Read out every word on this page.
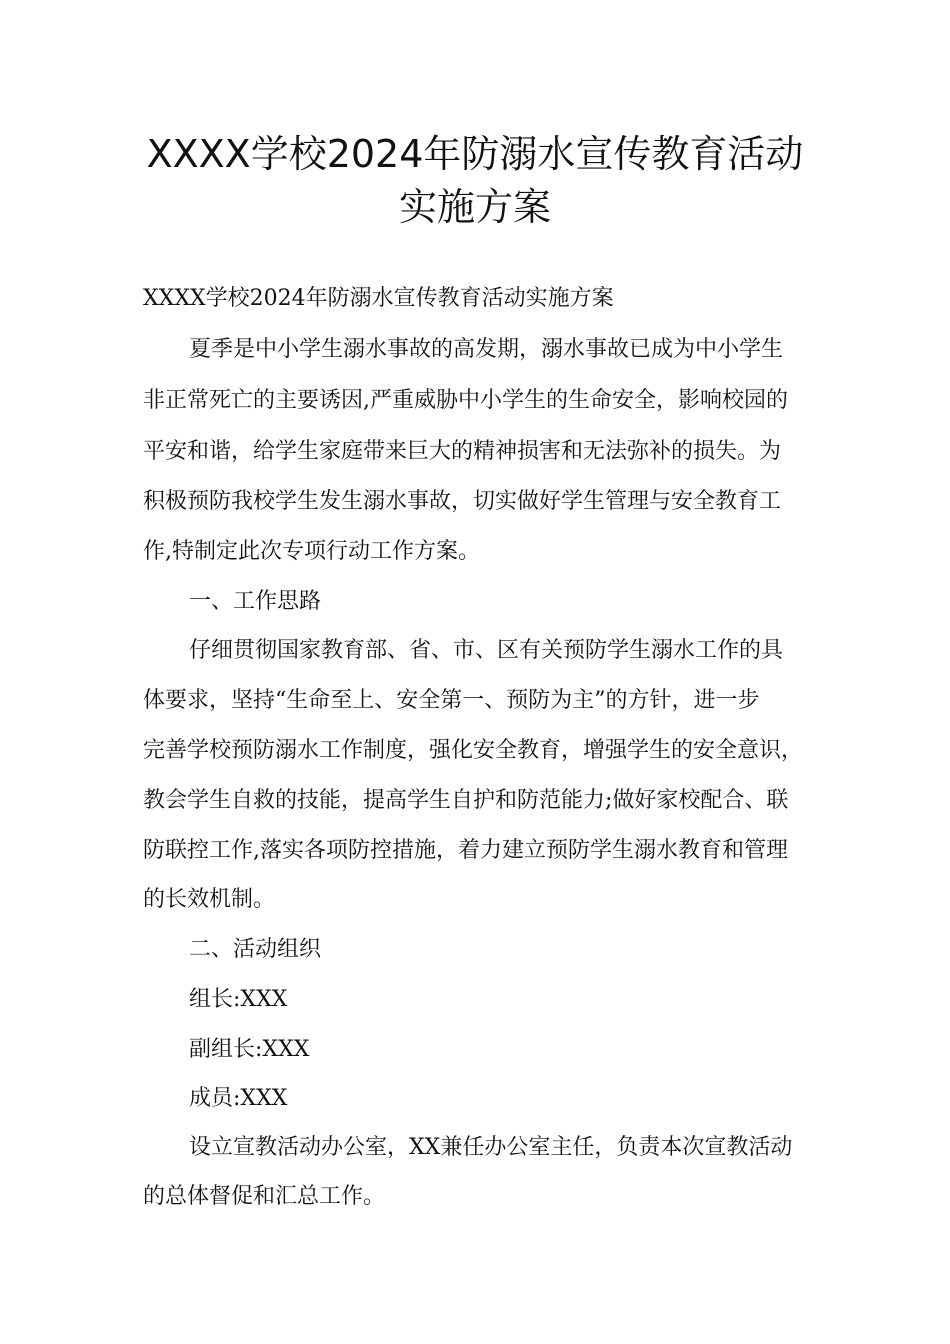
XXXX学校2024年防溺水宣传教育活动
实施方案
XXXX学校2024年防溺水宣传教育活动实施方案
夏季是中小学生溺水事故的高发期，溺水事故已成为中小学生
非正常死亡的主要诱因,严重威胁中小学生的生命安全，影响校园的
平安和谐，给学生家庭带来巨大的精神损害和无法弥补的损失。为
积极预防我校学生发生溺水事故，切实做好学生管理与安全教育工
作,特制定此次专项行动工作方案。
一、工作思路
仔细贯彻国家教育部、省、市、区有关预防学生溺水工作的具
体要求，坚持“生命至上、安全第一、预防为主”的方针，进一步
完善学校预防溺水工作制度，强化安全教育，增强学生的安全意识，
教会学生自救的技能，提高学生自护和防范能力;做好家校配合、联
防联控工作,落实各项防控措施，着力建立预防学生溺水教育和管理
的长效机制。
二、活动组织
组长:XXX
副组长:XXX
成员:XXX
设立宣教活动办公室，XX兼任办公室主任，负责本次宣教活动
的总体督促和汇总工作。
